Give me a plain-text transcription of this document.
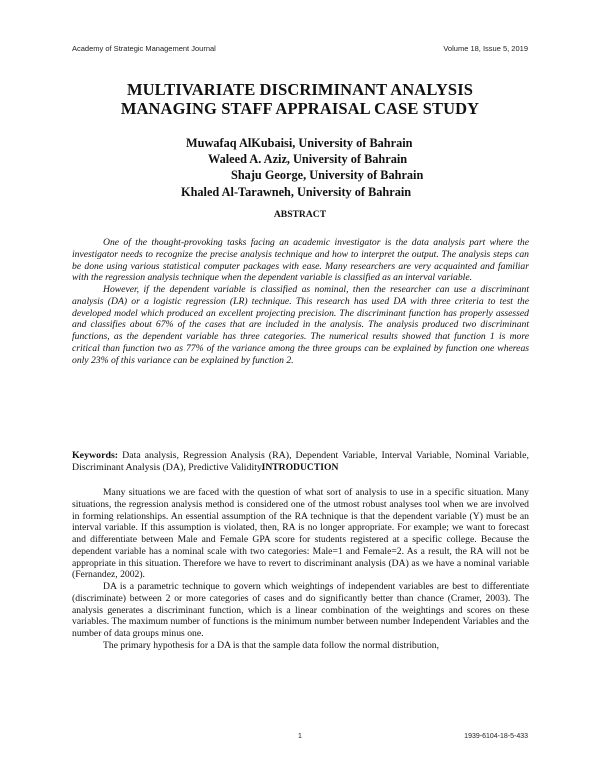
Academy of Strategic Management Journal	Volume 18, Issue 5, 2019
MULTIVARIATE DISCRIMINANT ANALYSIS
MANAGING STAFF APPRAISAL CASE STUDY
Muwafaq AlKubaisi, University of Bahrain
Waleed A. Aziz, University of Bahrain
Shaju George, University of Bahrain
Khaled Al-Tarawneh, University of Bahrain
ABSTRACT

One of the thought-provoking tasks facing an academic investigator is the data analysis part where the investigator needs to recognize the precise analysis technique and how to interpret the output. The analysis steps can be done using various statistical computer packages with ease. Many researchers are very acquainted and familiar with the regression analysis technique when the dependent variable is classified as an interval variable.

However, if the dependent variable is classified as nominal, then the researcher can use a discriminant analysis (DA) or a logistic regression (LR) technique. This research has used DA with three criteria to test the developed model which produced an excellent projecting precision. The discriminant function has properly assessed and classifies about 67% of the cases that are included in the analysis. The analysis produced two discriminant functions, as the dependent variable has three categories. The numerical results showed that function 1 is more critical than function two as 77% of the variance among the three groups can be explained by function one whereas only 23% of this variance can be explained by function 2.

Keywords: Data analysis, Regression Analysis (RA), Dependent Variable, Interval Variable, Nominal Variable, Discriminant Analysis (DA), Predictive Validity.

INTRODUCTION

Many situations we are faced with the question of what sort of analysis to use in a specific situation. Many situations, the regression analysis method is considered one of the utmost robust analyses tool when we are involved in forming relationships. An essential assumption of the RA technique is that the dependent variable (Y) must be an interval variable. If this assumption is violated, then, RA is no longer appropriate. For example; we want to forecast and differentiate between Male and Female GPA score for students registered at a specific college. Because the dependent variable has a nominal scale with two categories: Male=1 and Female=2. As a result, the RA will not be appropriate in this situation. Therefore we have to revert to discriminant analysis (DA) as we have a nominal variable (Fernandez, 2002).

DA is a parametric technique to govern which weightings of independent variables are best to differentiate (discriminate) between 2 or more categories of cases and do significantly better than chance (Cramer, 2003). The analysis generates a discriminant function, which is a linear combination of the weightings and scores on these variables. The maximum number of functions is the minimum number between number Independent Variables and the number of data groups minus one.

The primary hypothesis for a DA is that the sample data follow the normal distribution,

1	1939-6104-18-5-433
